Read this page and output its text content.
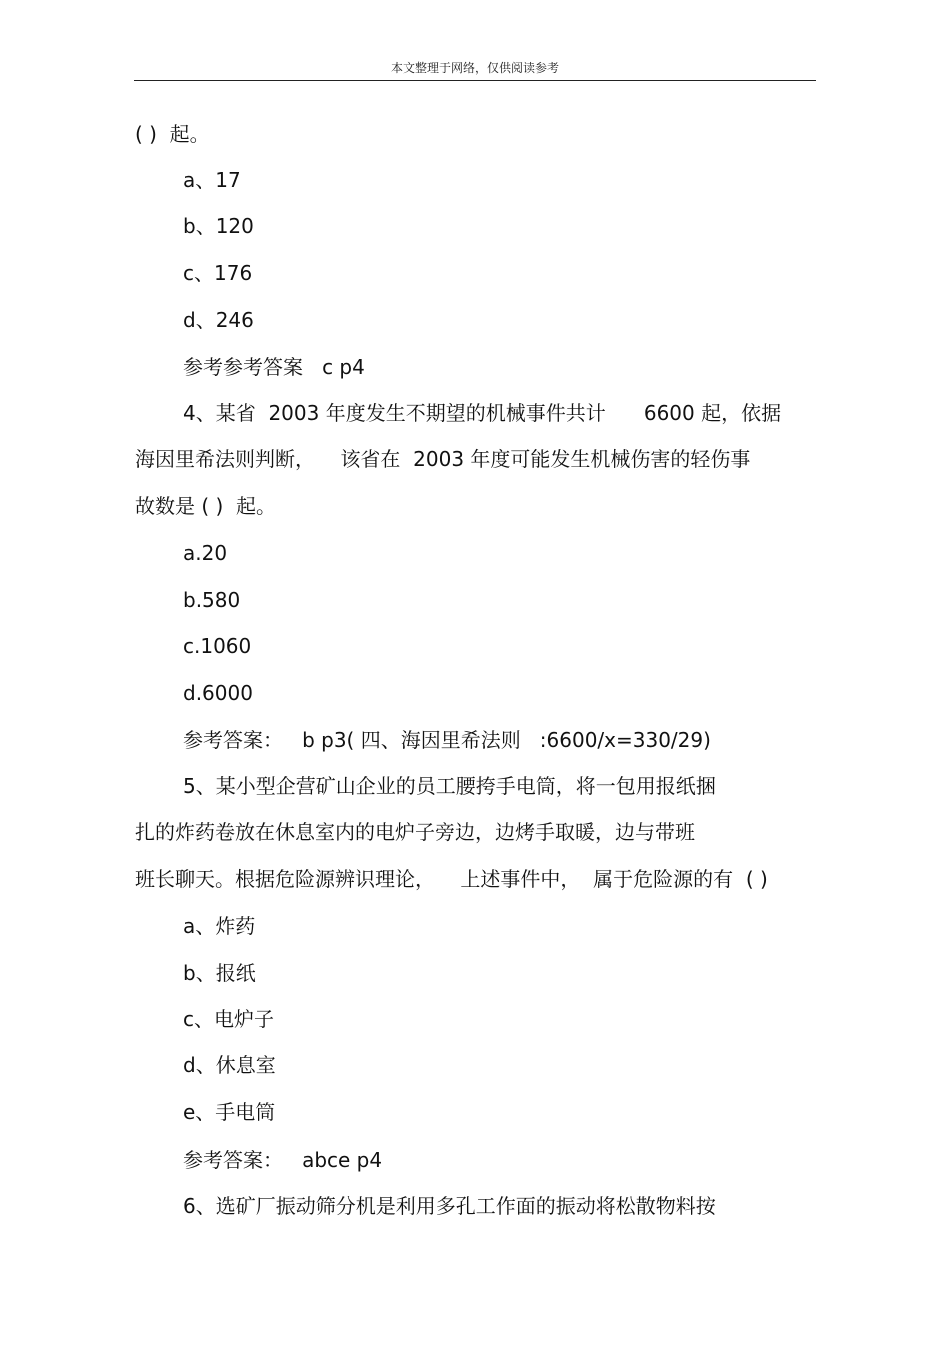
本文整理于网络，仅供阅读参考

( )  起。

a、17

b、120

c、176

d、246

参考参考答案   c p4

4、某省  2003 年度发生不期望的机械事件共计      6600 起，依据

海因里希法则判断，    该省在  2003 年度可能发生机械伤害的轻伤事

故数是 ( )  起。

a.20

b.580

c.1060

d.6000

参考答案：   b p3( 四、海因里希法则   :6600/x=330/29)

5、某小型企营矿山企业的员工腰挎手电筒，将一包用报纸捆

扎的炸药卷放在休息室内的电炉子旁边，边烤手取暖，边与带班

班长聊天。根据危险源辨识理论，    上述事件中，  属于危险源的有  ( )

a、炸药

b、报纸

c、电炉子

d、休息室

e、手电筒

参考答案：   abce p4

6、选矿厂振动筛分机是利用多孔工作面的振动将松散物料按
